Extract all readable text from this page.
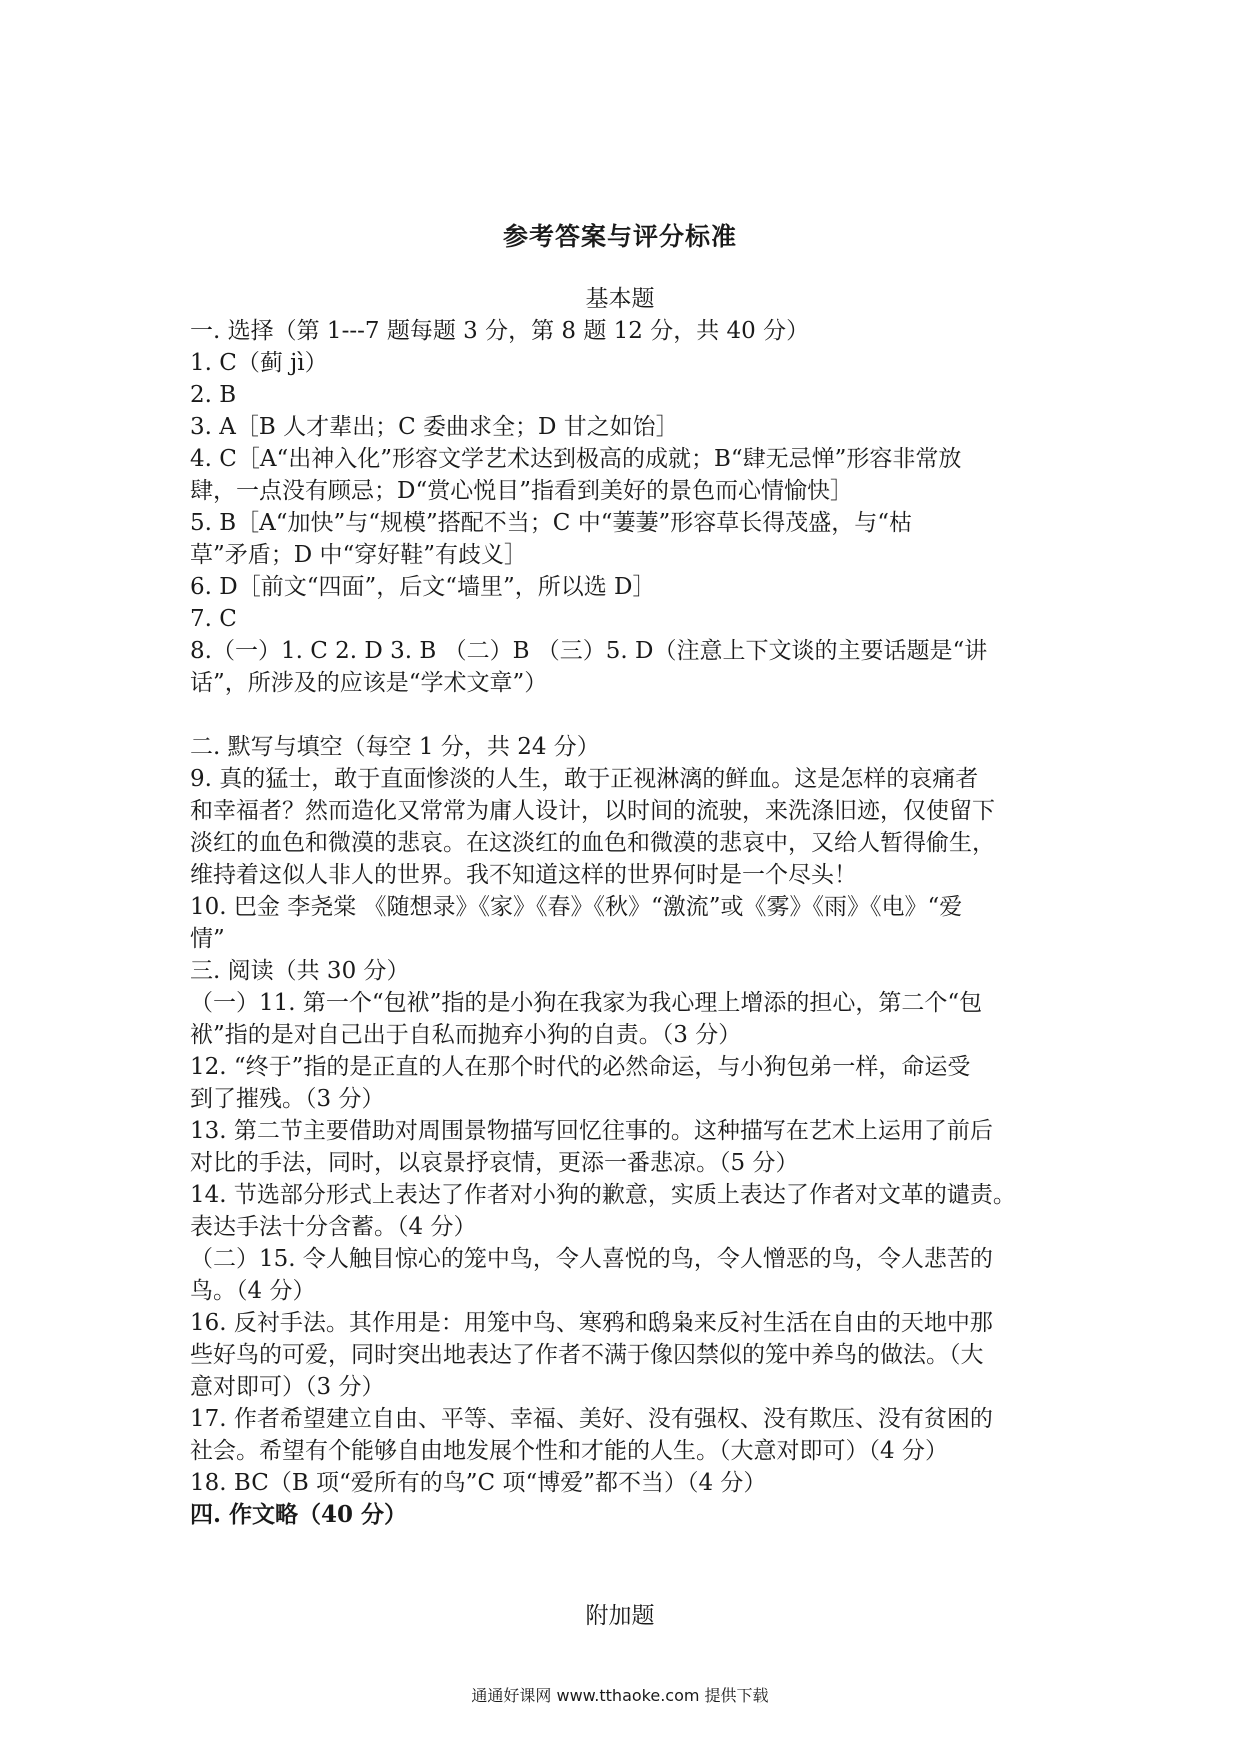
参考答案与评分标准
基本题
一. 选择（第 1---7 题每题 3 分，第 8 题 12 分，共 40 分）
1. C（蓟 jì）
2. B
3. A［B 人才辈出；C 委曲求全；D 甘之如饴］
4. C［A“出神入化”形容文学艺术达到极高的成就；B“肆无忌惮”形容非常放
肆，一点没有顾忌；D“赏心悦目”指看到美好的景色而心情愉快］
5. B［A“加快”与“规模”搭配不当；C 中“萋萋”形容草长得茂盛，与“枯
草”矛盾；D 中“穿好鞋”有歧义］
6. D［前文“四面”，后文“墙里”，所以选 D］
7. C
8.（一）1. C 2. D 3. B （二）B （三）5. D（注意上下文谈的主要话题是“讲
话”，所涉及的应该是“学术文章”）
二. 默写与填空（每空 1 分，共 24 分）
9. 真的猛士，敢于直面惨淡的人生，敢于正视淋漓的鲜血。这是怎样的哀痛者
和幸福者？然而造化又常常为庸人设计，以时间的流驶，来洗涤旧迹，仅使留下
淡红的血色和微漠的悲哀。在这淡红的血色和微漠的悲哀中，又给人暂得偷生，
维持着这似人非人的世界。我不知道这样的世界何时是一个尽头！
10. 巴金 李尧棠 《随想录》《家》《春》《秋》“激流”或《雾》《雨》《电》“爱
情”
三. 阅读（共 30 分）
（一）11. 第一个“包袱”指的是小狗在我家为我心理上增添的担心，第二个“包
袱”指的是对自己出于自私而抛弃小狗的自责。（3 分）
12. “终于”指的是正直的人在那个时代的必然命运，与小狗包弟一样，命运受
到了摧残。（3 分）
13. 第二节主要借助对周围景物描写回忆往事的。这种描写在艺术上运用了前后
对比的手法，同时，以哀景抒哀情，更添一番悲凉。（5 分）
14. 节选部分形式上表达了作者对小狗的歉意，实质上表达了作者对文革的谴责。
表达手法十分含蓄。（4 分）
（二）15. 令人触目惊心的笼中鸟，令人喜悦的鸟，令人憎恶的鸟，令人悲苦的
鸟。（4 分）
16. 反衬手法。其作用是：用笼中鸟、寒鸦和鸱枭来反衬生活在自由的天地中那
些好鸟的可爱，同时突出地表达了作者不满于像囚禁似的笼中养鸟的做法。（大
意对即可）（3 分）
17. 作者希望建立自由、平等、幸福、美好、没有强权、没有欺压、没有贫困的
社会。希望有个能够自由地发展个性和才能的人生。（大意对即可）（4 分）
18. BC（B 项“爱所有的鸟”C 项“博爱”都不当）（4 分）
四. 作文略（40 分）
附加题
通通好课网 www.tthaoke.com 提供下载
